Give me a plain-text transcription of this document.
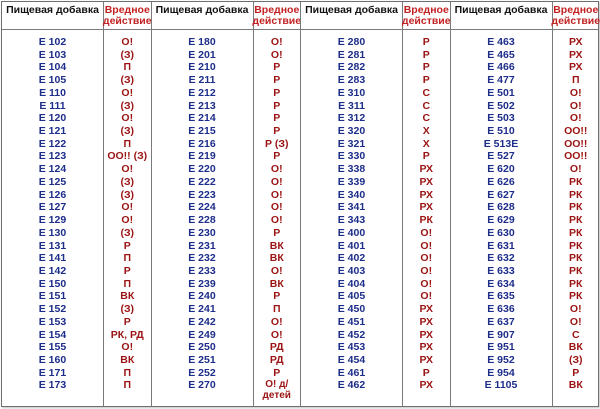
Пищевая добавка
E 102
E 103
E 104
E 105
E 110
E 111
E 120
E 121
E 122
E 123
E 124
E 125
E 126
E 127
E 129
E 130
E 131
E 141
E 142
E 150
E 151
E 152
E 153
E 154
E 155
E 160
E 171
E 173
Вредное
действие
О!
(З)
П
(З)
О!
(З)
О!
(З)
П
ОО!! (З)
О!
(З)
(З)
О!
О!
(З)
Р
П
Р
П
ВК
(З)
Р
РК, РД
О!
ВК
П
П
Пищевая добавка
E 180
E 201
E 210
E 211
E 212
E 213
E 214
E 215
E 216
E 219
E 220
E 222
E 223
E 224
E 228
E 230
E 231
E 232
E 233
E 239
E 240
E 241
E 242
E 249
E 250
E 251
E 252
E 270
Вредное
действие
О!
О!
Р
Р
Р
Р
Р
Р
Р (З)
Р
О!
О!
О!
О!
О!
Р
ВК
ВК
О!
ВК
Р
П
О!
О!
РД
РД
Р
О! д/детей
Пищевая добавка
E 280
E 281
E 282
E 283
E 310
E 311
E 312
E 320
E 321
E 330
E 338
E 339
E 340
E 341
E 343
E 400
E 401
E 402
E 403
E 404
E 405
E 450
E 451
E 452
E 453
E 454
E 461
E 462
Вредное
действие
Р
Р
Р
Р
С
С
С
Х
Х
Р
РХ
РХ
РХ
РХ
РК
О!
О!
О!
О!
О!
О!
РХ
РХ
РХ
РХ
РХ
Р
РХ
Пищевая добавка
E 463
E 465
E 466
E 477
E 501
E 502
E 503
E 510
E 513E
E 527
E 620
E 626
E 627
E 628
E 629
E 630
E 631
E 632
E 633
E 634
E 635
E 636
E 637
E 907
E 951
E 952
E 954
E 1105
Вредное
действие
РХ
РХ
РХ
П
О!
О!
О!
ОО!!
ОО!!
ОО!!
О!
РК
РК
РК
РК
РК
РК
РК
РК
РК
РК
О!
О!
С
ВК
(З)
Р
ВК
